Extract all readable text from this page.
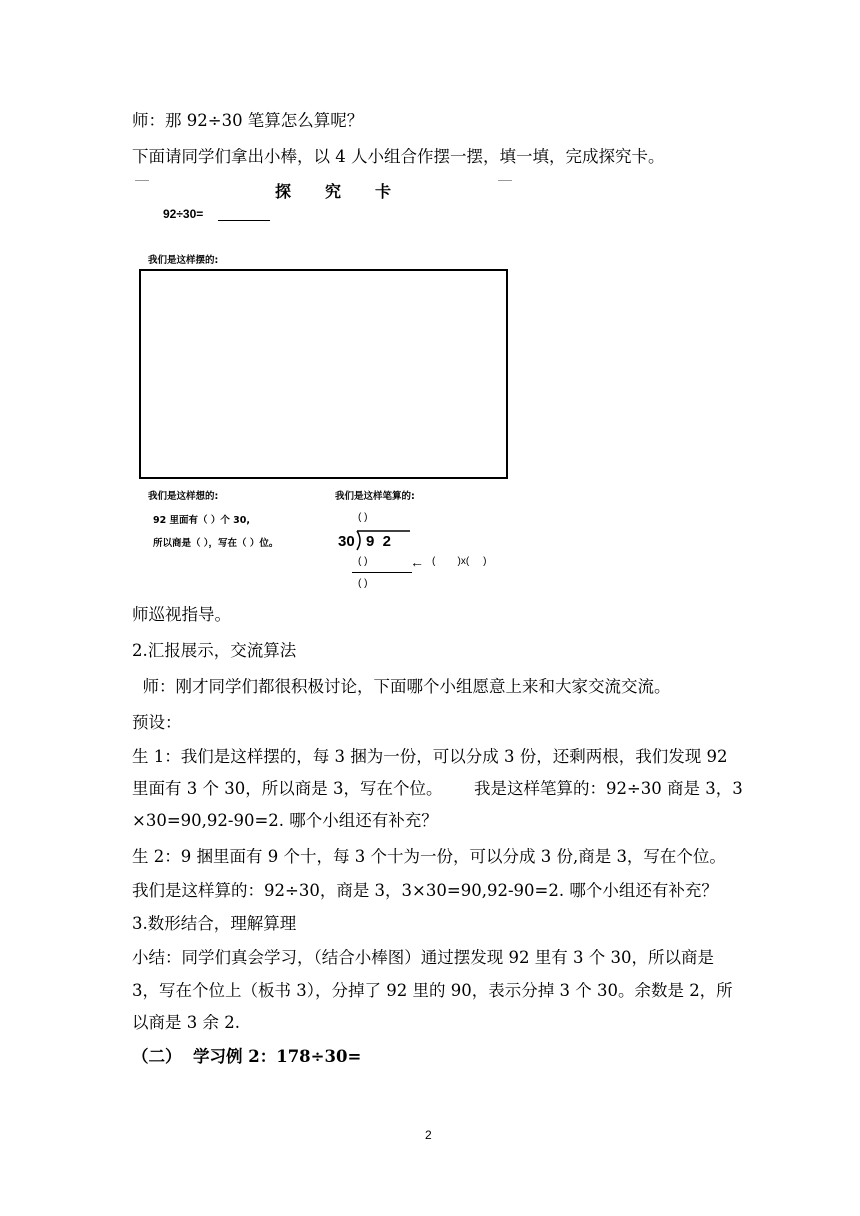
师：那 92÷30 笔算怎么算呢？
下面请同学们拿出小棒，以 4 人小组合作摆一摆，填一填，完成探究卡。
探究卡
92÷30=
我们是这样摆的:
我们是这样想的:
92 里面有（ ）个 30,
所以商是（ ），写在（ ）位。
我们是这样笔算的:
( )
30 9  2
( )	← (        )x(     )
( )
师巡视指导。
2.汇报展示，交流算法
师：刚才同学们都很积极讨论，下面哪个小组愿意上来和大家交流交流。
预设：
生 1：我们是这样摆的，每 3 捆为一份，可以分成 3 份，还剩两根，我们发现 92
里面有 3 个 30，所以商是 3，写在个位。      我是这样笔算的：92÷30 商是 3，3
×30=90,92-90=2. 哪个小组还有补充？
生 2：9 捆里面有 9 个十，每 3 个十为一份，可以分成 3 份,商是 3，写在个位。
我们是这样算的：92÷30，商是 3，3×30=90,92-90=2. 哪个小组还有补充？
3.数形结合，理解算理
小结：同学们真会学习，（结合小棒图）通过摆发现 92 里有 3 个 30，所以商是
3，写在个位上（板书 3），分掉了 92 里的 90，表示分掉 3 个 30。余数是 2，所
以商是 3 余 2.
（二）  学习例 2：178÷30=
2
